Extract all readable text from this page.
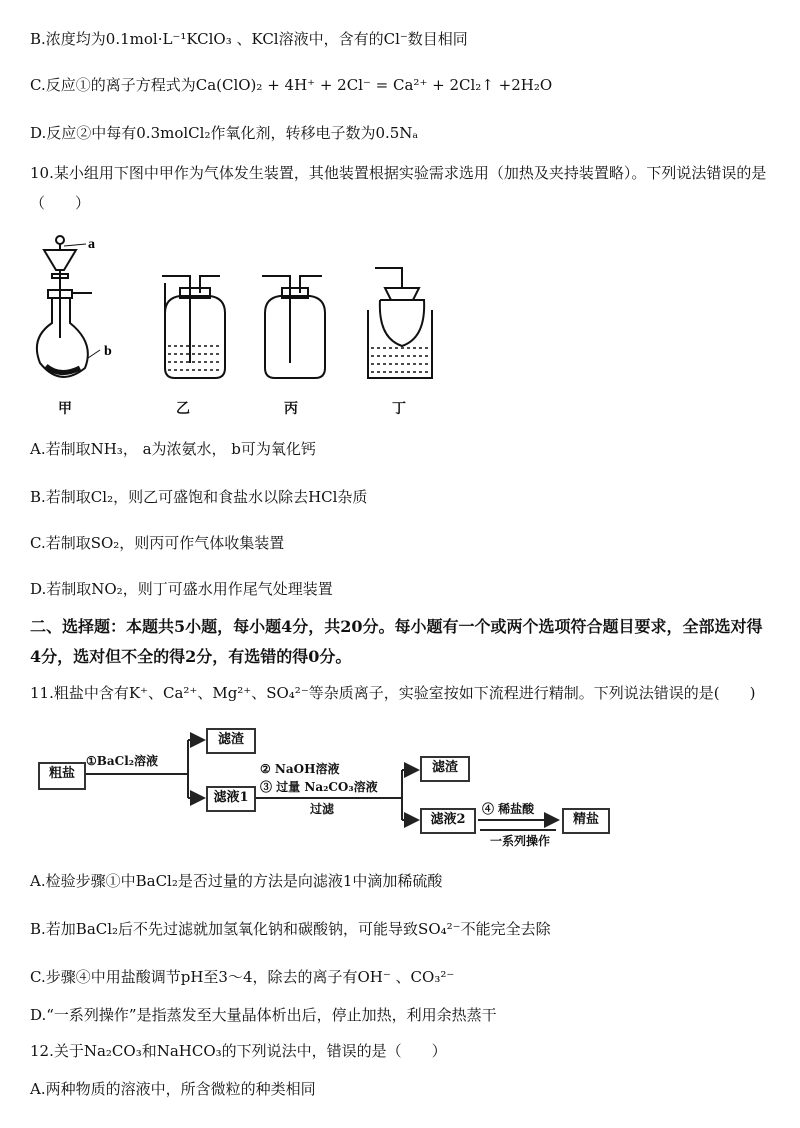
B.浓度均为0.1mol·L⁻¹KClO₃ 、KCl溶液中，含有的Cl⁻数目相同
C.反应①的离子方程式为Ca(ClO)₂ + 4H⁺ + 2Cl⁻ = Ca²⁺ + 2Cl₂↑ +2H₂O
D.反应②中每有0.3molCl₂作氧化剂，转移电子数为0.5Nₐ
10.某小组用下图中甲作为气体发生装置，其他装置根据实验需求选用（加热及夹持装置略）。下列说法错误的是（　　）
a
b
甲	乙	丙	丁
A.若制取NH₃， a为浓氨水， b可为氧化钙
B.若制取Cl₂，则乙可盛饱和食盐水以除去HCl杂质
C.若制取SO₂，则丙可作气体收集装置
D.若制取NO₂，则丁可盛水用作尾气处理装置
二、选择题：本题共5小题，每小题4分，共20分。每小题有一个或两个选项符合题目要求，全部选对得4分，选对但不全的得2分，有选错的得0分。
11.粗盐中含有K⁺、Ca²⁺、Mg²⁺、SO₄²⁻等杂质离子，实验室按如下流程进行精制。下列说法错误的是(　　)
粗盐
①BaCl₂溶液
滤渣
滤液1
② NaOH溶液
③ 过量 Na₂CO₃溶液
过滤
滤渣
滤液2
④ 稀盐酸
一系列操作
精盐
A.检验步骤①中BaCl₂是否过量的方法是向滤液1中滴加稀硫酸
B.若加BaCl₂后不先过滤就加氢氧化钠和碳酸钠，可能导致SO₄²⁻不能完全去除
C.步骤④中用盐酸调节pH至3～4，除去的离子有OH⁻ 、CO₃²⁻
D.“一系列操作”是指蒸发至大量晶体析出后，停止加热，利用余热蒸干
12.关于Na₂CO₃和NaHCO₃的下列说法中，错误的是（　　）
A.两种物质的溶液中，所含微粒的种类相同
